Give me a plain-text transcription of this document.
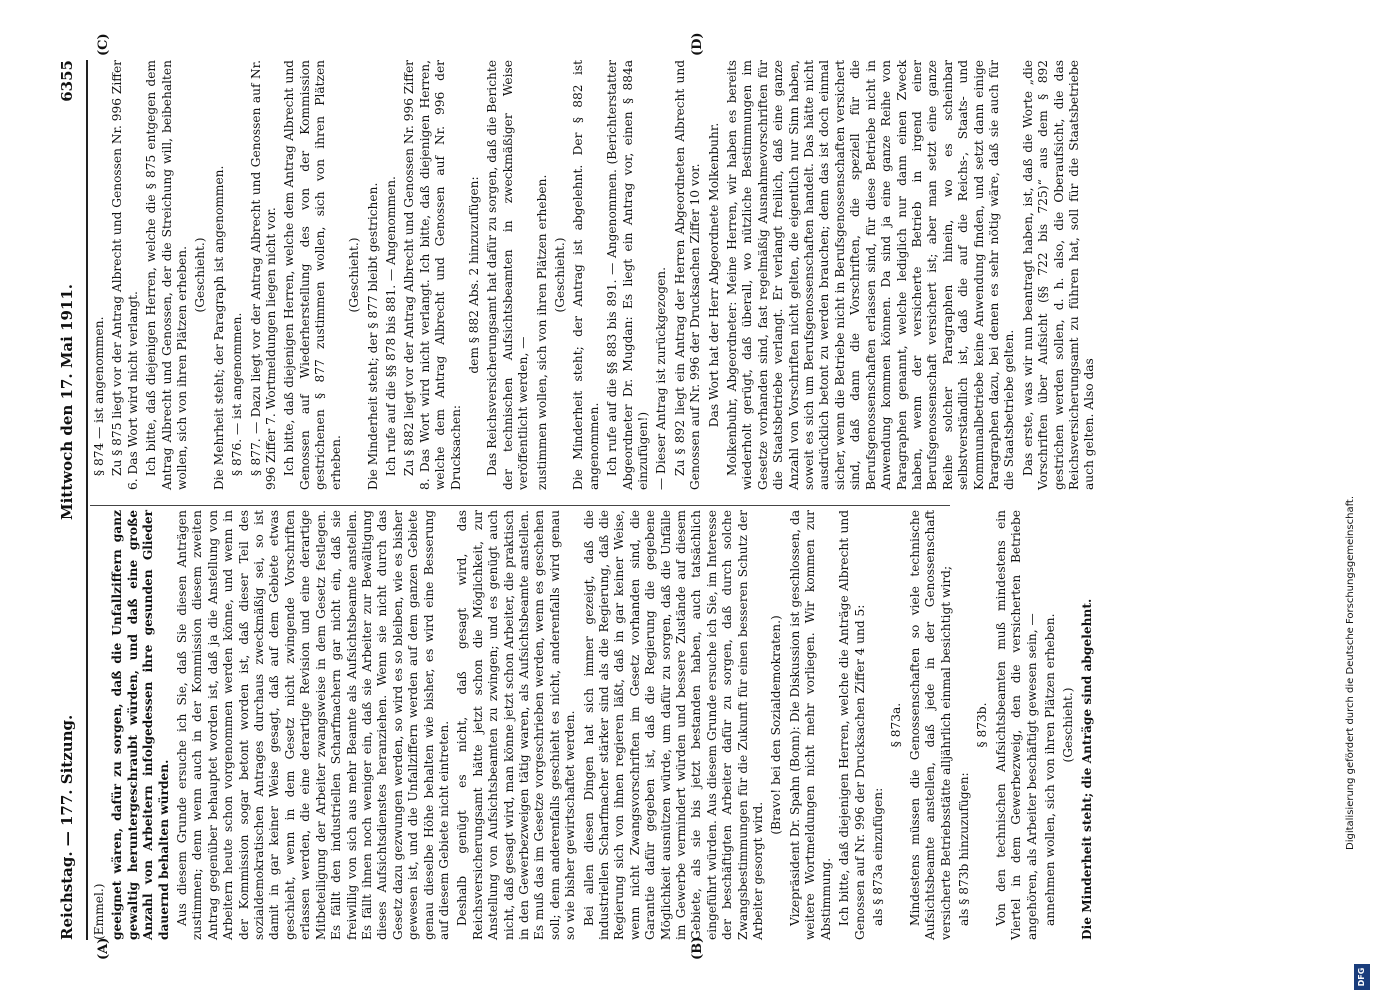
Reichstag. — 177. Sitzung.
Mittwoch den 17. Mai 1911.
6355
(A)	(B)
(C)	(D)

(Emmel.) geeignet wären, dafür zu sorgen, daß die Unfallziffern ganz gewaltig heruntergeschraubt würden, und daß eine große Anzahl von Arbeitern infolgedessen ihre gesunden Glieder dauernd behalten würden. Aus diesem Grunde ersuche ich Sie, daß Sie diesen Anträgen zustimmen; denn wenn auch in der Kommission diesem zweiten Antrag gegenüber behauptet worden ist, daß ja die Anstellung von Arbeitern heute schon vorgenommen werden könne, und wenn in der Kommission sogar betont worden ist, daß dieser Teil des sozialdemokratischen Antrages durchaus zweckmäßig sei, so ist damit in gar keiner Weise gesagt, daß auf dem Gebiete etwas geschieht, wenn in dem Gesetz nicht zwingende Vorschriften erlassen werden, die eine derartige Revision und eine derartige Mitbeteiligung der Arbeiter zwangsweise in dem Gesetz festlegen. Es fällt den industriellen Scharfmachern gar nicht ein, daß sie freiwillig von sich aus mehr Beamte als Aufsichtsbeamte anstellen. Es fällt ihnen noch weniger ein, daß sie Arbeiter zur Bewältigung dieses Aufsichtsdienstes heranziehen. Wenn sie nicht durch das Gesetz dazu gezwungen werden, so wird es so bleiben, wie es bisher gewesen ist, und die Unfallziffern werden auf dem ganzen Gebiete genau dieselbe Höhe behalten wie bisher, es wird eine Besserung auf diesem Gebiete nicht eintreten. Deshalb genügt es nicht, daß gesagt wird, das Reichsversicherungsamt hätte jetzt schon die Möglichkeit, zur Anstellung von Aufsichtsbeamten zu zwingen; und es genügt auch nicht, daß gesagt wird, man könne jetzt schon Arbeiter, die praktisch in den Gewerbezweigen tätig waren, als Aufsichtsbeamte anstellen. Es muß das im Gesetze vorgeschrieben werden, wenn es geschehen soll; denn anderenfalls geschieht es nicht, anderenfalls wird genau so wie bisher gewirtschaftet werden. Bei allen diesen Dingen hat sich immer gezeigt, daß die industriellen Scharfmacher stärker sind als die Regierung, daß die Regierung sich von ihnen regieren läßt, daß in gar keiner Weise, wenn nicht Zwangsvorschriften im Gesetz vorhanden sind, die Garantie dafür gegeben ist, daß die Regierung die gegebene Möglichkeit ausnützen würde, um dafür zu sorgen, daß die Unfälle im Gewerbe vermindert würden und bessere Zustände auf diesem Gebiete, als sie bis jetzt bestanden haben, auch tatsächlich eingeführt würden. Aus diesem Grunde ersuche ich Sie, im Interesse der beschäftigten Arbeiter dafür zu sorgen, daß durch solche Zwangsbestimmungen für die Zukunft für einen besseren Schutz der Arbeiter gesorgt wird.

(Bravo! bei den Sozialdemokraten.) Vizepräsident Dr. Spahn (Bonn): Die Diskussion ist geschlossen, da weitere Wortmeldungen nicht mehr vorliegen. Wir kommen zur Abstimmung. Ich bitte, daß diejenigen Herren, welche die Anträge Albrecht und Genossen auf Nr. 996 der Drucksachen Ziffer 4 und 5: als § 873a einzufügen:

§ 873a. Mindestens müssen die Genossenschaften so viele technische Aufsichtsbeamte anstellen, daß jede in der Genossenschaft versicherte Betriebsstätte alljährlich einmal besichtigt wird; als § 873b hinzuzufügen:

§ 873b. Von den technischen Aufsichtsbeamten muß mindestens ein Viertel in dem Gewerbezweig, den die versicherten Betriebe angehören, als Arbeiter beschäftigt gewesen sein, — annehmen wollen, sich von ihren Plätzen erheben. (Geschieht.) Die Minderheit steht; die Anträge sind abgelehnt.

§ 874 — ist angenommen. Zu § 875 liegt vor der Antrag Albrecht und Genossen Nr. 996 Ziffer 6. Das Wort wird nicht verlangt. Ich bitte, daß diejenigen Herren, welche die § 875 entgegen dem Antrag Albrecht und Genossen, der die Streichung will, beibehalten wollen, sich von ihren Plätzen erheben. (Geschieht.) Die Mehrheit steht; der Paragraph ist angenommen. § 876. — ist angenommen. § 877. — Dazu liegt vor der Antrag Albrecht und Genossen auf Nr. 996 Ziffer 7. Wortmeldungen liegen nicht vor. Ich bitte, daß diejenigen Herren, welche dem Antrag Albrecht und Genossen auf Wiederherstellung des von der Kommission gestrichenen § 877 zustimmen wollen, sich von ihren Plätzen erheben.

(Geschieht.) Die Minderheit steht; der § 877 bleibt gestrichen. Ich rufe auf die §§ 878 bis 881. — Angenommen. Zu § 882 liegt vor der Antrag Albrecht und Genossen Nr. 996 Ziffer 8. Das Wort wird nicht verlangt. Ich bitte, daß diejenigen Herren, welche dem Antrag Albrecht und Genossen auf Nr. 996 der Drucksachen:

dem § 882 Abs. 2 hinzuzufügen: Das Reichsversicherungsamt hat dafür zu sorgen, daß die Berichte der technischen Aufsichtsbeamten in zweckmäßiger Weise veröffentlicht werden, — zustimmen wollen, sich von ihren Plätzen erheben. (Geschieht.) Die Minderheit steht; der Antrag ist abgelehnt. Der § 882 ist angenommen. Ich rufe auf die §§ 883 bis 891. — Angenommen. (Berichterstatter Abgeordneter Dr. Mugdan: Es liegt ein Antrag vor, einen § 884a einzufügen!) — Dieser Antrag ist zurückgezogen. Zu § 892 liegt ein Antrag der Herren Abgeordneten Albrecht und Genossen auf Nr. 996 der Drucksachen Ziffer 10 vor. Das Wort hat der Herr Abgeordnete Molkenbuhr. Molkenbuhr, Abgeordneter: Meine Herren, wir haben es bereits wiederholt gerügt, daß überall, wo nützliche Bestimmungen im Gesetze vorhanden sind, fast regelmäßig Ausnahmevorschriften für die Staatsbetriebe verlangt. Er verlangt freilich, daß eine ganze Anzahl von Vorschriften nicht gelten, die eigentlich nur Sinn haben, soweit es sich um Berufsgenossenschaften handelt. Das hätte nicht ausdrücklich betont zu werden brauchen; denn das ist doch einmal sicher, wenn die Betriebe nicht in Berufsgenossenschaften versichert sind, daß dann die Vorschriften, die speziell für die Berufsgenossenschaften erlassen sind, für diese Betriebe nicht in Anwendung kommen können. Da sind ja eine ganze Reihe von Paragraphen genannt, welche lediglich nur dann einen Zweck haben, wenn der versicherte Betrieb in irgend einer Berufsgenossenschaft versichert ist; aber man setzt eine ganze Reihe solcher Paragraphen hinein, wo es scheinbar selbstverständlich ist, daß die auf die Reichs-, Staats- und Kommunalbetriebe keine Anwendung finden, und setzt dann einige Paragraphen dazu, bei denen es sehr nötig wäre, daß sie auch für die Staatsbetriebe gelten. Das erste, was wir nun beantragt haben, ist, daß die Worte „die Vorschriften über Aufsicht (§§ 722 bis 725)“ aus dem § 892 gestrichen werden sollen, d. h. also, die Oberaufsicht, die das Reichsversicherungsamt zu führen hat, soll für die Staatsbetriebe auch gelten. Also das

Digitalisierung gefördert durch die Deutsche Forschungsgemeinschaft.
DFG
